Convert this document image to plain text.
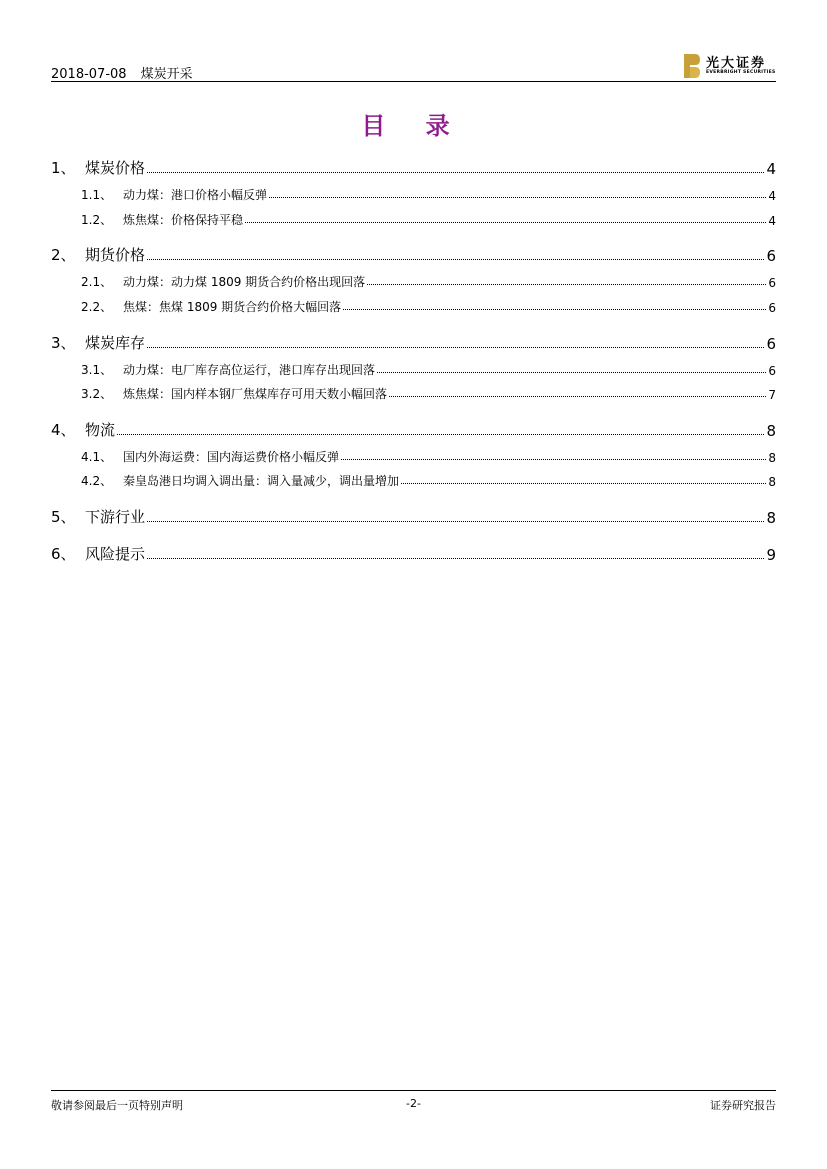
2018-07-08 煤炭开采
光大证券
EVERBRIGHT SECURITIES
目 录
1、 煤炭价格	4
1.1、 动力煤：港口价格小幅反弹	4
1.2、 炼焦煤：价格保持平稳	4
2、 期货价格	6
2.1、 动力煤：动力煤 1809 期货合约价格出现回落	6
2.2、 焦煤：焦煤 1809 期货合约价格大幅回落	6
3、 煤炭库存	6
3.1、 动力煤：电厂库存高位运行，港口库存出现回落	6
3.2、 炼焦煤：国内样本钢厂焦煤库存可用天数小幅回落	7
4、 物流	8
4.1、 国内外海运费：国内海运费价格小幅反弹	8
4.2、 秦皇岛港日均调入调出量：调入量减少，调出量增加	8
5、 下游行业	8
6、 风险提示	9
敬请参阅最后一页特别声明	-2-	证券研究报告
